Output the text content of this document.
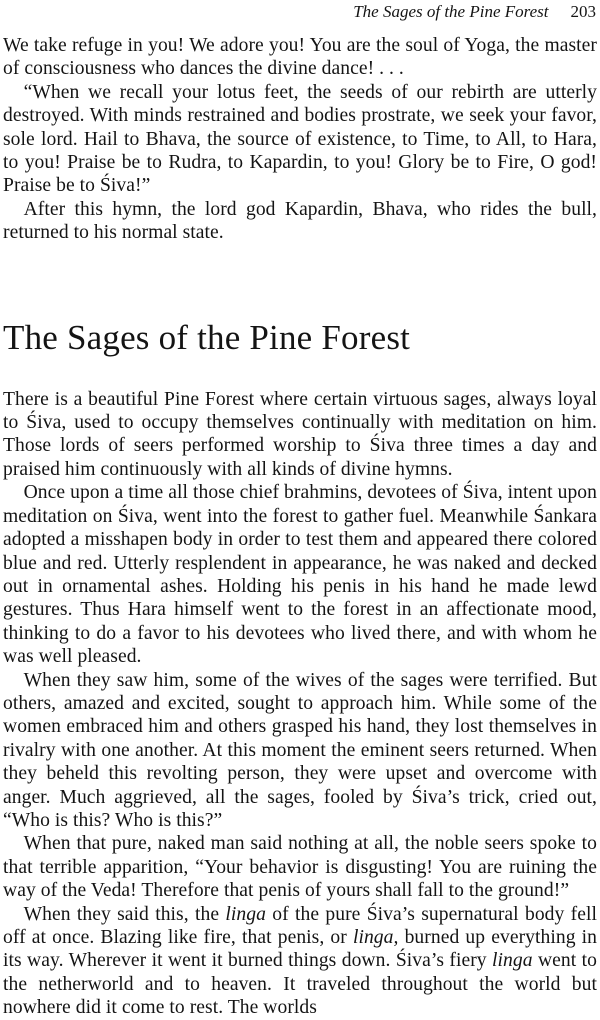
The Sages of the Pine Forest 203

We take refuge in you! We adore you! You are the soul of Yoga, the master of consciousness who dances the divine dance! . . .

“When we recall your lotus feet, the seeds of our rebirth are utterly destroyed. With minds restrained and bodies prostrate, we seek your favor, sole lord. Hail to Bhava, the source of existence, to Time, to All, to Hara, to you! Praise be to Rudra, to Kapardin, to you! Glory be to Fire, O god! Praise be to Śiva!”

After this hymn, the lord god Kapardin, Bhava, who rides the bull, returned to his normal state.

The Sages of the Pine Forest

There is a beautiful Pine Forest where certain virtuous sages, always loyal to Śiva, used to occupy themselves continually with meditation on him. Those lords of seers performed worship to Śiva three times a day and praised him continuously with all kinds of divine hymns.

Once upon a time all those chief brahmins, devotees of Śiva, intent upon meditation on Śiva, went into the forest to gather fuel. Meanwhile Śankara adopted a misshapen body in order to test them and appeared there colored blue and red. Utterly resplendent in appearance, he was naked and decked out in ornamental ashes. Holding his penis in his hand he made lewd gestures. Thus Hara himself went to the forest in an affectionate mood, thinking to do a favor to his devotees who lived there, and with whom he was well pleased.

When they saw him, some of the wives of the sages were terrified. But others, amazed and excited, sought to approach him. While some of the women embraced him and others grasped his hand, they lost themselves in rivalry with one another. At this moment the eminent seers returned. When they beheld this revolting person, they were upset and overcome with anger. Much aggrieved, all the sages, fooled by Śiva’s trick, cried out, “Who is this? Who is this?”

When that pure, naked man said nothing at all, the noble seers spoke to that terrible apparition, “Your behavior is disgusting! You are ruining the way of the Veda! Therefore that penis of yours shall fall to the ground!”

When they said this, the linga of the pure Śiva’s supernatural body fell off at once. Blazing like fire, that penis, or linga, burned up everything in its way. Wherever it went it burned things down. Śiva’s fiery linga went to the netherworld and to heaven. It traveled throughout the world but nowhere did it come to rest. The worlds
